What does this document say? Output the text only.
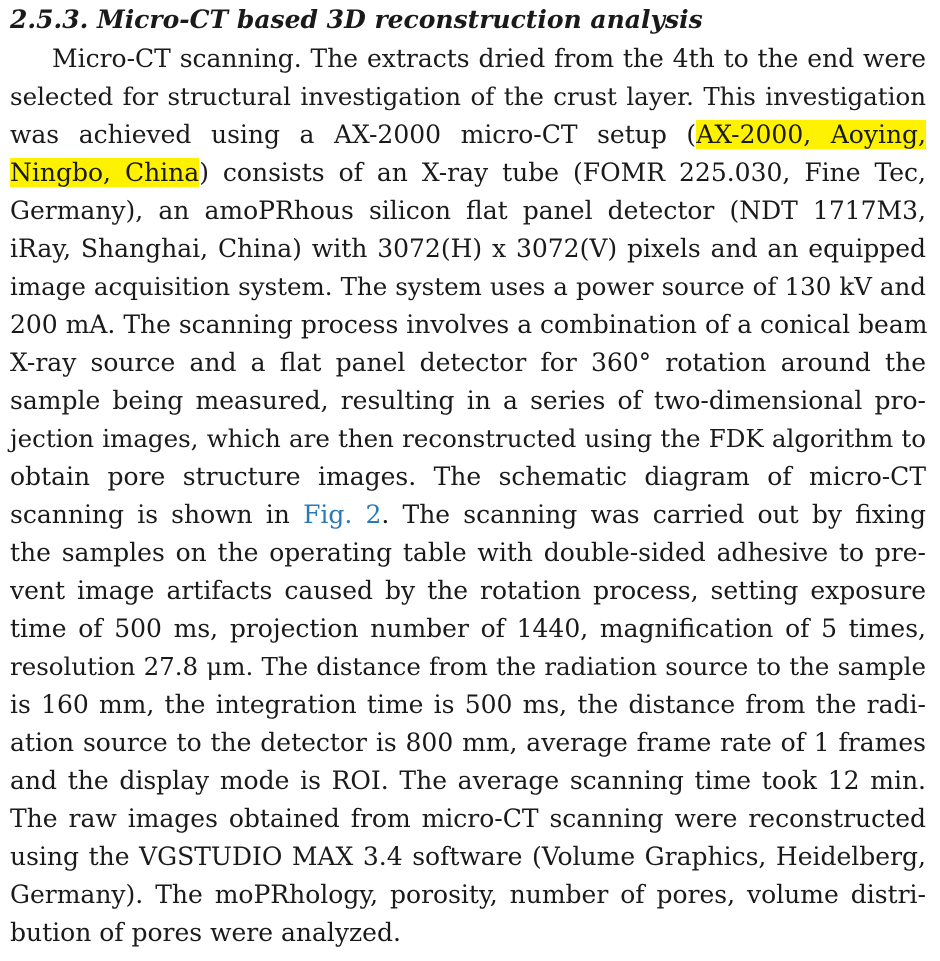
2.5.3. Micro-CT based 3D reconstruction analysis
Micro-CT scanning. The extracts dried from the 4th to the end were
selected for structural investigation of the crust layer. This investigation
was achieved using a AX-2000 micro-CT setup (AX-2000, Aoying,
Ningbo, China) consists of an X-ray tube (FOMR 225.030, Fine Tec,
Germany), an amoPRhous silicon flat panel detector (NDT 1717M3,
iRay, Shanghai, China) with 3072(H) x 3072(V) pixels and an equipped
image acquisition system. The system uses a power source of 130 kV and
200 mA. The scanning process involves a combination of a conical beam
X-ray source and a flat panel detector for 360° rotation around the
sample being measured, resulting in a series of two-dimensional pro-
jection images, which are then reconstructed using the FDK algorithm to
obtain pore structure images. The schematic diagram of micro-CT
scanning is shown in Fig. 2. The scanning was carried out by fixing
the samples on the operating table with double-sided adhesive to pre-
vent image artifacts caused by the rotation process, setting exposure
time of 500 ms, projection number of 1440, magnification of 5 times,
resolution 27.8 μm. The distance from the radiation source to the sample
is 160 mm, the integration time is 500 ms, the distance from the radi-
ation source to the detector is 800 mm, average frame rate of 1 frames
and the display mode is ROI. The average scanning time took 12 min.
The raw images obtained from micro-CT scanning were reconstructed
using the VGSTUDIO MAX 3.4 software (Volume Graphics, Heidelberg,
Germany). The moPRhology, porosity, number of pores, volume distri-
bution of pores were analyzed.
